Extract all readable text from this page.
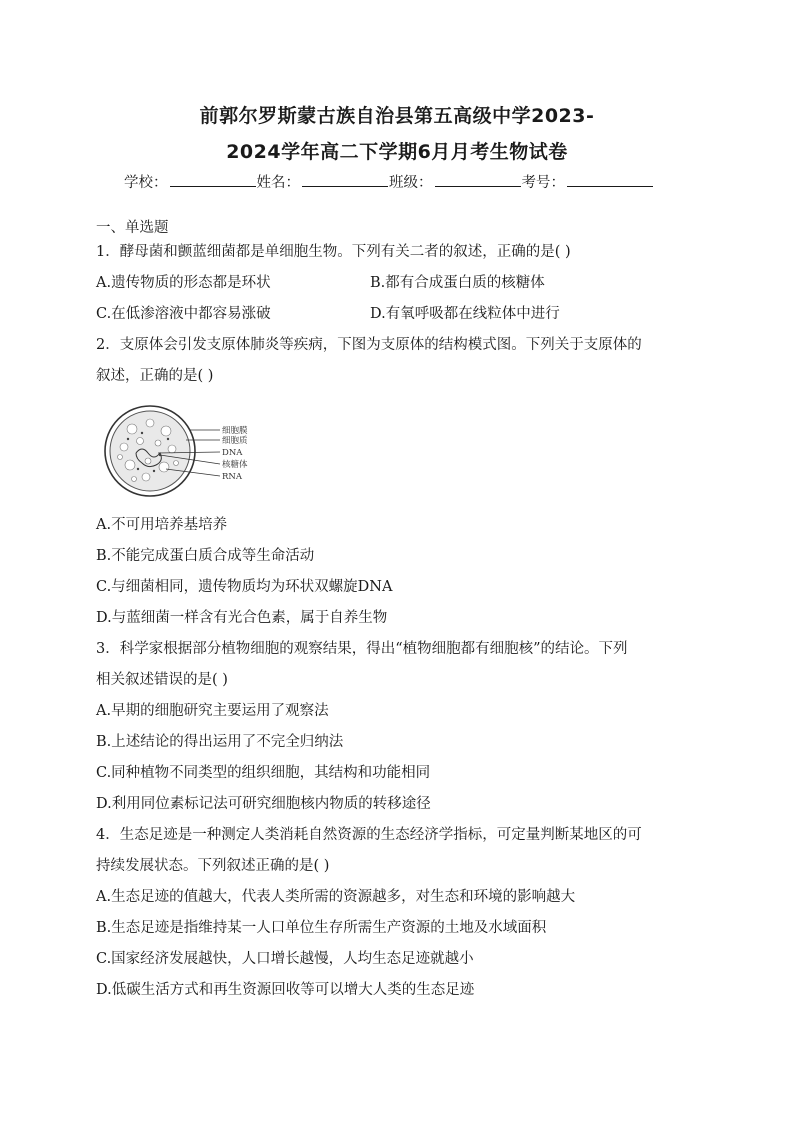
前郭尔罗斯蒙古族自治县第五高级中学2023-
2024学年高二下学期6月月考生物试卷
学校：	姓名：	班级：	考号：
一、单选题
1．酵母菌和颤蓝细菌都是单细胞生物。下列有关二者的叙述，正确的是( )
A.遗传物质的形态都是环状	B.都有合成蛋白质的核糖体
C.在低渗溶液中都容易涨破	D.有氧呼吸都在线粒体中进行
2．支原体会引发支原体肺炎等疾病，下图为支原体的结构模式图。下列关于支原体的
叙述，正确的是( )
细胞膜
细胞质
DNA
核糖体
RNA
A.不可用培养基培养
B.不能完成蛋白质合成等生命活动
C.与细菌相同，遗传物质均为环状双螺旋DNA
D.与蓝细菌一样含有光合色素，属于自养生物
3．科学家根据部分植物细胞的观察结果，得出“植物细胞都有细胞核”的结论。下列
相关叙述错误的是( )
A.早期的细胞研究主要运用了观察法
B.上述结论的得出运用了不完全归纳法
C.同种植物不同类型的组织细胞，其结构和功能相同
D.利用同位素标记法可研究细胞核内物质的转移途径
4．生态足迹是一种测定人类消耗自然资源的生态经济学指标，可定量判断某地区的可
持续发展状态。下列叙述正确的是( )
A.生态足迹的值越大，代表人类所需的资源越多，对生态和环境的影响越大
B.生态足迹是指维持某一人口单位生存所需生产资源的土地及水域面积
C.国家经济发展越快，人口增长越慢，人均生态足迹就越小
D.低碳生活方式和再生资源回收等可以增大人类的生态足迹
